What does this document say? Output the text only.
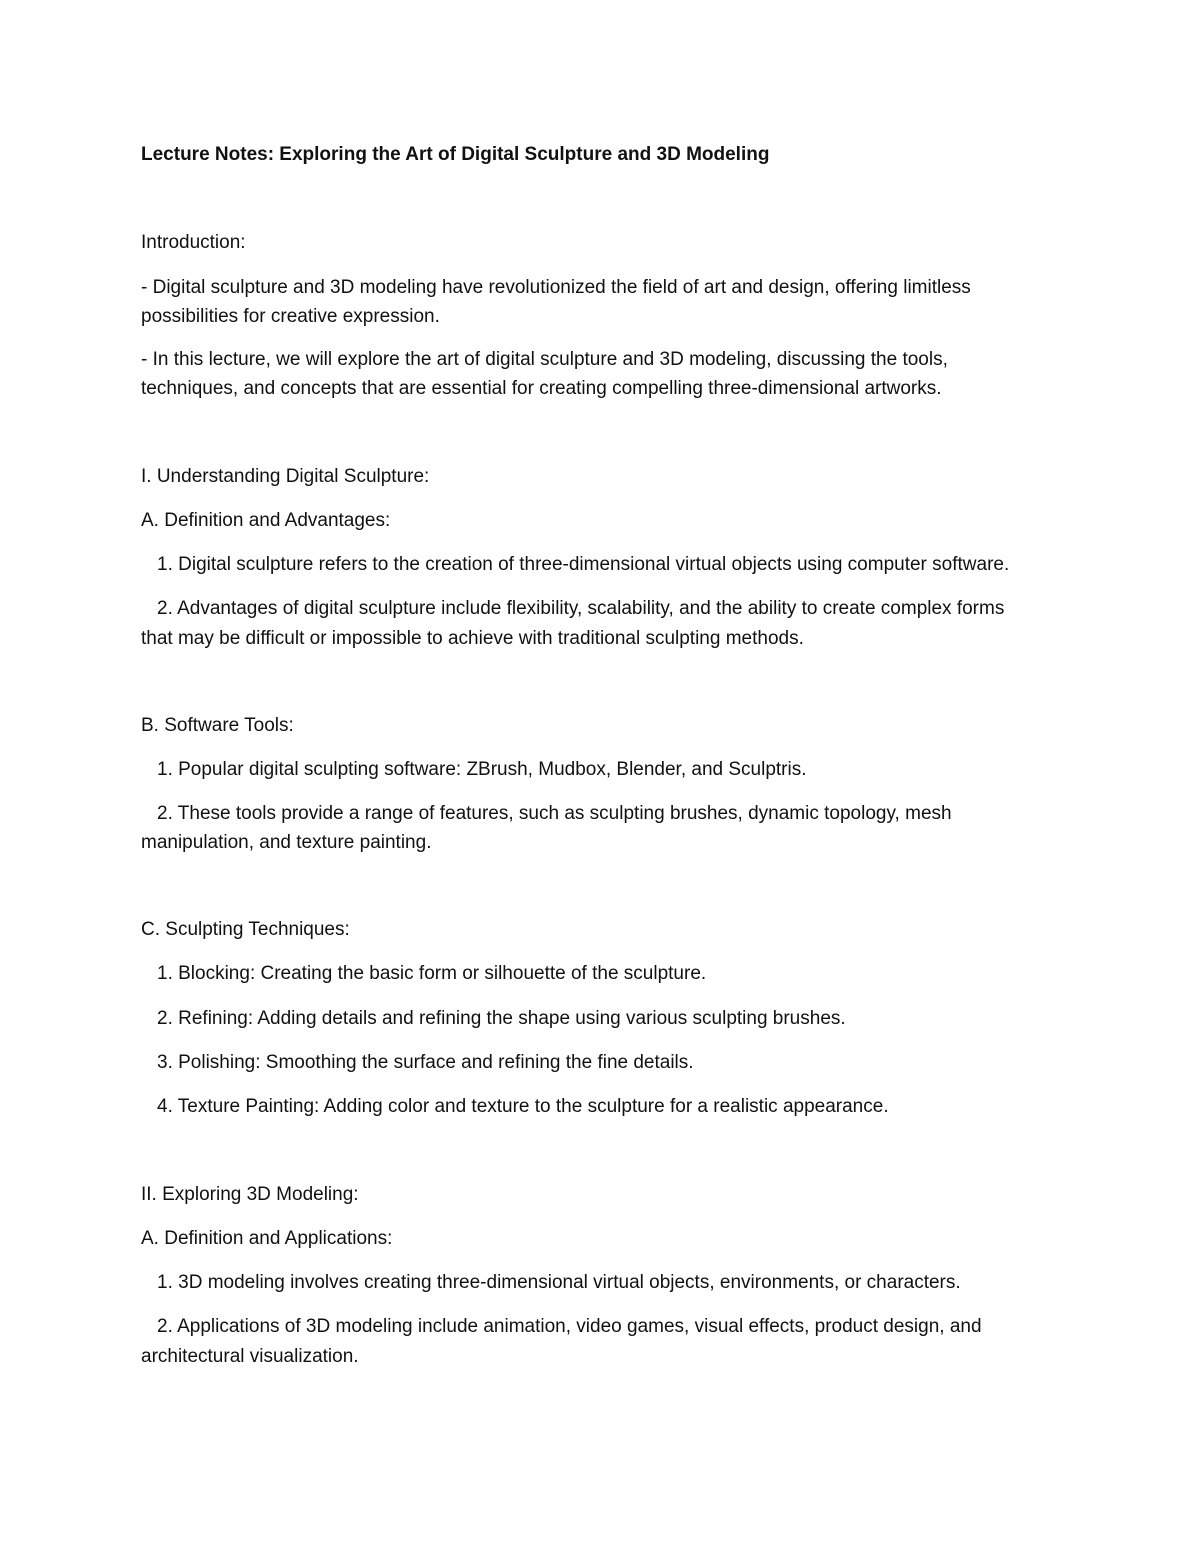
Lecture Notes: Exploring the Art of Digital Sculpture and 3D Modeling
Introduction:
- Digital sculpture and 3D modeling have revolutionized the field of art and design, offering limitless
possibilities for creative expression.
- In this lecture, we will explore the art of digital sculpture and 3D modeling, discussing the tools,
techniques, and concepts that are essential for creating compelling three-dimensional artworks.
I. Understanding Digital Sculpture:
A. Definition and Advantages:
1. Digital sculpture refers to the creation of three-dimensional virtual objects using computer software.
2. Advantages of digital sculpture include flexibility, scalability, and the ability to create complex forms
that may be difficult or impossible to achieve with traditional sculpting methods.
B. Software Tools:
1. Popular digital sculpting software: ZBrush, Mudbox, Blender, and Sculptris.
2. These tools provide a range of features, such as sculpting brushes, dynamic topology, mesh
manipulation, and texture painting.
C. Sculpting Techniques:
1. Blocking: Creating the basic form or silhouette of the sculpture.
2. Refining: Adding details and refining the shape using various sculpting brushes.
3. Polishing: Smoothing the surface and refining the fine details.
4. Texture Painting: Adding color and texture to the sculpture for a realistic appearance.
II. Exploring 3D Modeling:
A. Definition and Applications:
1. 3D modeling involves creating three-dimensional virtual objects, environments, or characters.
2. Applications of 3D modeling include animation, video games, visual effects, product design, and
architectural visualization.
